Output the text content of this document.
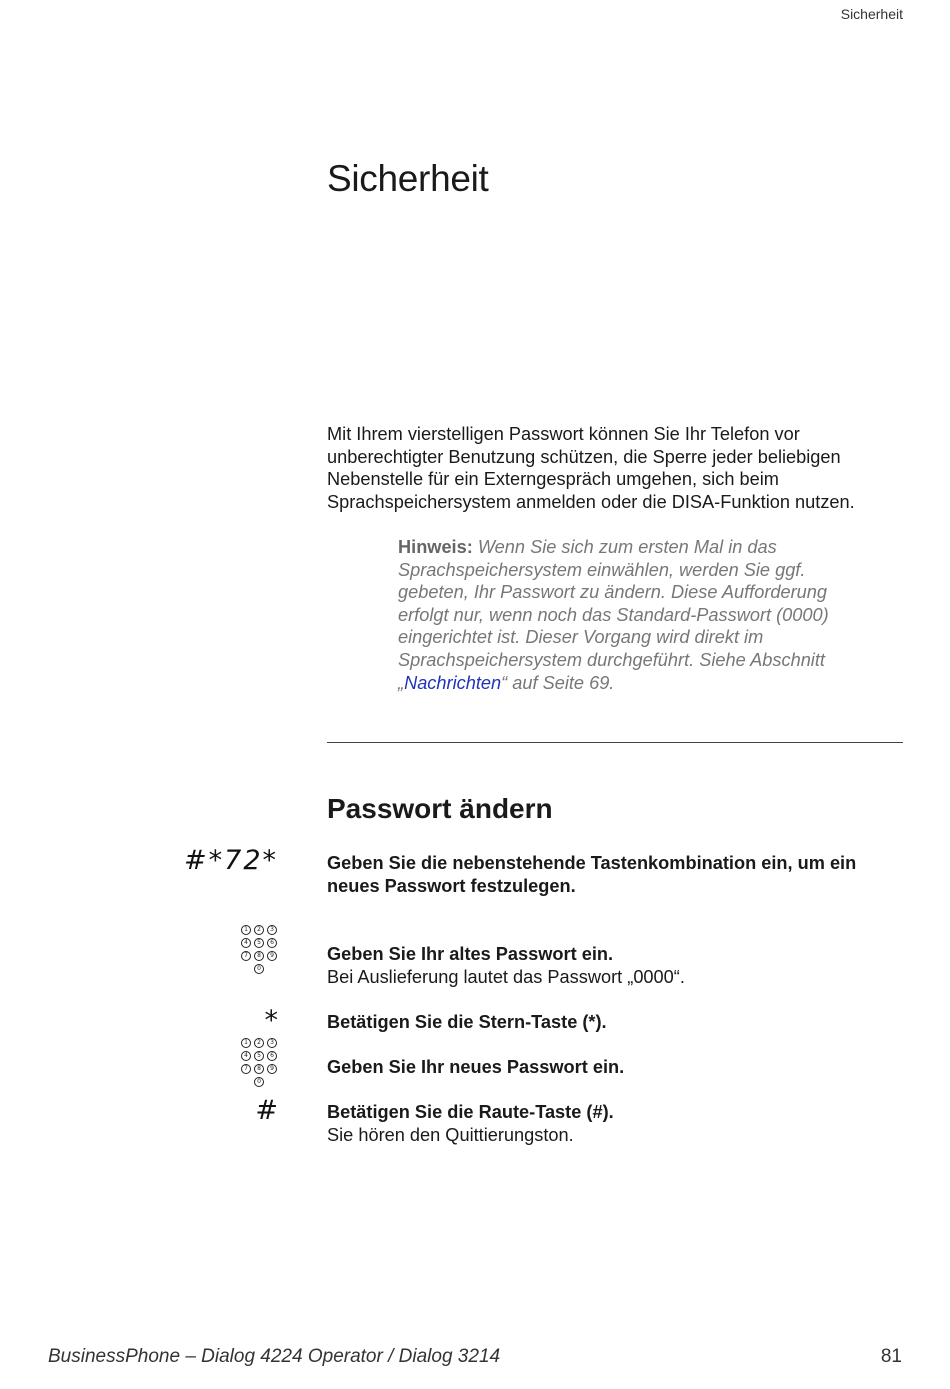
Sicherheit
Sicherheit

Mit Ihrem vierstelligen Passwort können Sie Ihr Telefon vor unberechtigter Benutzung schützen, die Sperre jeder beliebigen Nebenstelle für ein Externgespräch umgehen, sich beim Sprachspeichersystem anmelden oder die DISA-Funktion nutzen.

Hinweis: Wenn Sie sich zum ersten Mal in das Sprachspeichersystem einwählen, werden Sie ggf. gebeten, Ihr Passwort zu ändern. Diese Aufforderung erfolgt nur, wenn noch das Standard-Passwort (0000) eingerichtet ist. Dieser Vorgang wird direkt im Sprachspeichersystem durchgeführt. Siehe Abschnitt „Nachrichten“ auf Seite 69.

Passwort ändern
#*72*	Geben Sie die nebenstehende Tastenkombination ein, um ein neues Passwort festzulegen.

1	2	3
4	5	6
7	8	9
0

Geben Sie Ihr altes Passwort ein.
Bei Auslieferung lautet das Passwort „0000“.

*	Betätigen Sie die Stern-Taste (*).

1	2	3
4	5	6
7	8	9
0

Geben Sie Ihr neues Passwort ein.

#	Betätigen Sie die Raute-Taste (#).
Sie hören den Quittierungston.

BusinessPhone – Dialog 4224 Operator / Dialog 3214	81
